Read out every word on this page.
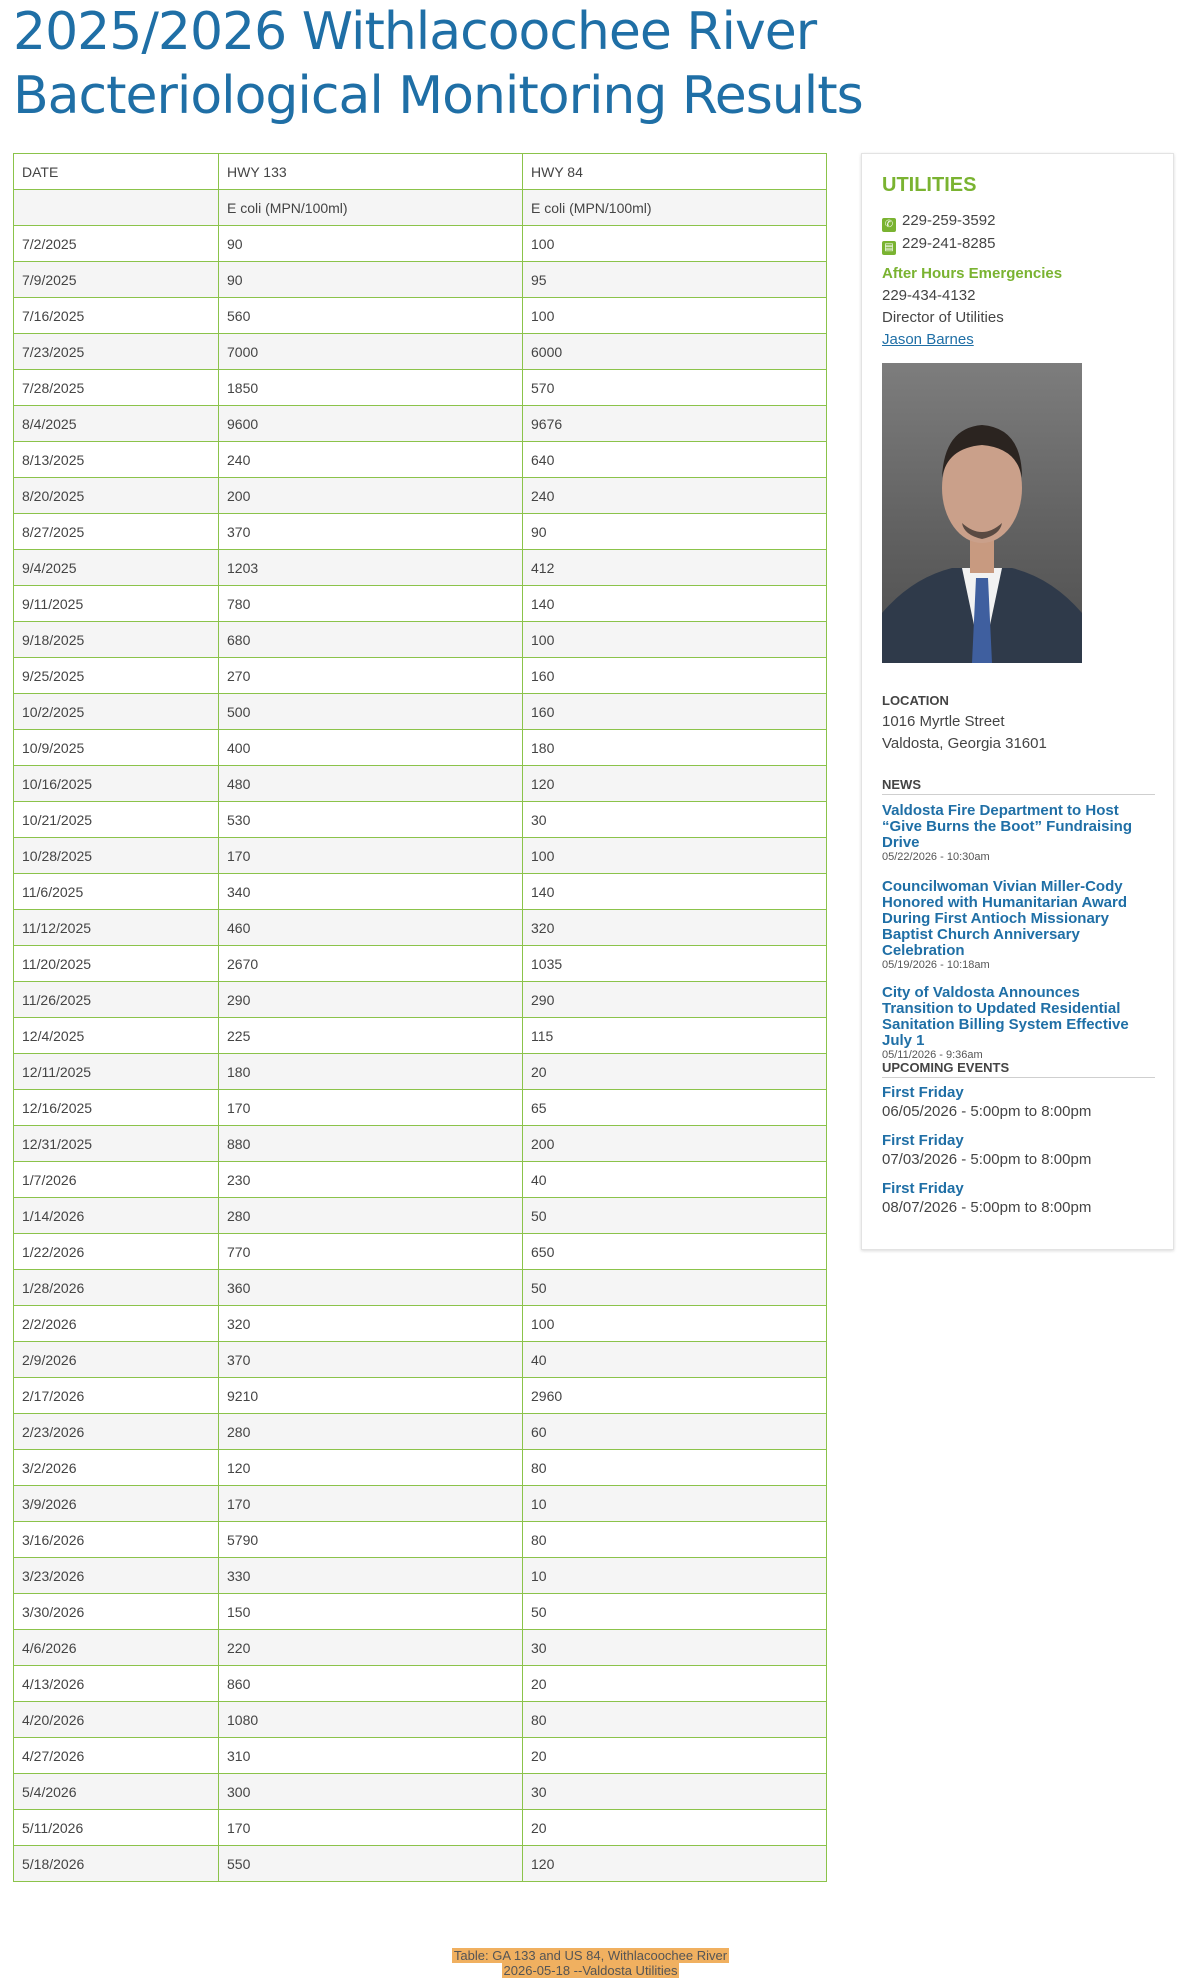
2025/2026 Withlacoochee River Bacteriological Monitoring Results
DATE	HWY 133	HWY 84
	E coli (MPN/100ml)	E coli (MPN/100ml)
7/2/2025	90	100
7/9/2025	90	95
7/16/2025	560	100
7/23/2025	7000	6000
7/28/2025	1850	570
8/4/2025	9600	9676
8/13/2025	240	640
8/20/2025	200	240
8/27/2025	370	90
9/4/2025	1203	412
9/11/2025	780	140
9/18/2025	680	100
9/25/2025	270	160
10/2/2025	500	160
10/9/2025	400	180
10/16/2025	480	120
10/21/2025	530	30
10/28/2025	170	100
11/6/2025	340	140
11/12/2025	460	320
11/20/2025	2670	1035
11/26/2025	290	290
12/4/2025	225	115
12/11/2025	180	20
12/16/2025	170	65
12/31/2025	880	200
1/7/2026	230	40
1/14/2026	280	50
1/22/2026	770	650
1/28/2026	360	50
2/2/2026	320	100
2/9/2026	370	40
2/17/2026	9210	2960
2/23/2026	280	60
3/2/2026	120	80
3/9/2026	170	10
3/16/2026	5790	80
3/23/2026	330	10
3/30/2026	150	50
4/6/2026	220	30
4/13/2026	860	20
4/20/2026	1080	80
4/27/2026	310	20
5/4/2026	300	30
5/11/2026	170	20
5/18/2026	550	120
Table: GA 133 and US 84, Withlacoochee River
2026-05-18 --Valdosta Utilities
UTILITIES
✆ 229-259-3592
▤ 229-241-8285
After Hours Emergencies
229-434-4132
Director of Utilities
Jason Barnes
LOCATION
1016 Myrtle Street
Valdosta, Georgia 31601
NEWS
Valdosta Fire Department to Host “Give Burns the Boot” Fundraising Drive
05/22/2026 - 10:30am
Councilwoman Vivian Miller-Cody Honored with Humanitarian Award During First Antioch Missionary Baptist Church Anniversary Celebration
05/19/2026 - 10:18am
City of Valdosta Announces Transition to Updated Residential Sanitation Billing System Effective July 1
05/11/2026 - 9:36am
UPCOMING EVENTS
First Friday
06/05/2026 - 5:00pm to 8:00pm
First Friday
07/03/2026 - 5:00pm to 8:00pm
First Friday
08/07/2026 - 5:00pm to 8:00pm
